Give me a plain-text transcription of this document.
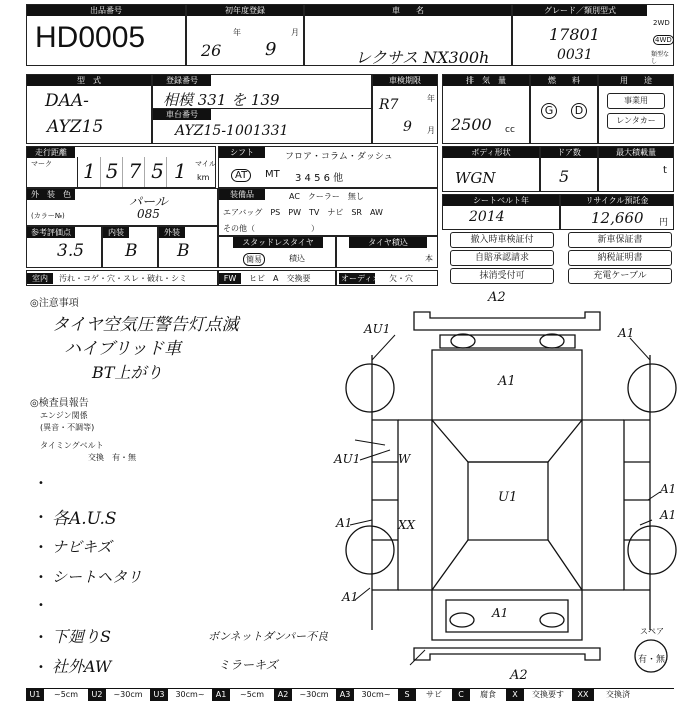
出品番号
HD0005
初年度登録
年	月
26 9
車　　名
レクサス NX300h
グレード／類別型式
17801
0031
2WD
4WD
類型なし
型　式
DAA-
AYZ15
登録番号
相模 331 を 139
車台番号
AYZ15-1001331
車検期限
年
月
R7
9
排　気　量
2500 cc
燃　　料
G	D
用　　途
事業用
レンタカー
走行距離
マーク 15751
マイル
km
シフト	フロア・コラム・ダッシュ
AT	MT 3 4 5 6 他
ボディ形状
WGN
ドア数
5
最大積載量
t
外　装　色
(カラー№)
パール
085
装備品	AC　クーラー　無し
エアバッグ　PS　PW　TV　ナビ　SR　AW
その他（　　　　　　　）
シートベルト年
2014
リサイクル預託金
12,660 円
参考評価点
3.5
内装
B
外装
B	スタッドレスタイヤ
簡易	積込
タイヤ積込
本
撤入時車検証付	新車保証書
自賠承認請求	納税証明書
抹消受付可	充電ケーブル
室内	汚れ・コゲ・穴・スレ・破れ・シミ	FW	ヒビ　A　交換要	オーディオ 欠・穴
◎注意事項
タイヤ空気圧警告灯点滅
ハイブリッド車
BT上がり
◎検査員報告
エンジン関係
(異音・不調等)
タイミングベルト
交換　有・無
•
• 各A.U.S
• ナビキズ
• シートヘタリ
•
• 下廻りS
• 社外AW
ボンネットダンパー不良
ミラーキズ
A2
A1
U1
A1
A2
AU1
AU1	W
A1	XX
A1
A1
A1
A1
スペア
有・無
U1	~5cm	U2	~30cm	U3	30cm~	A1	~5cm	A2	~30cm	A3	30cm~	S	サビ	C	腐食	X	交換要す	XX	交換済
